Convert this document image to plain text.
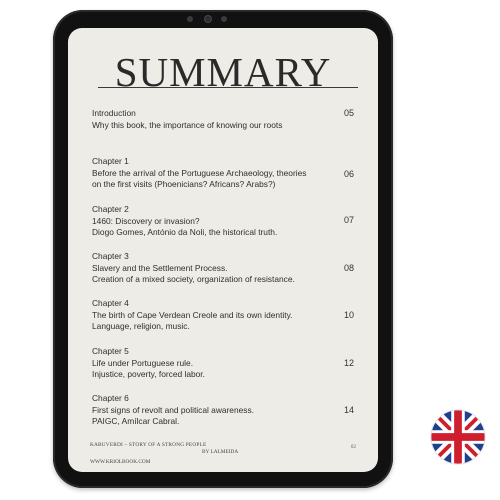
SUMMARY
Introduction
Why this book, the importance of knowing our roots
05
Chapter 1
Before the arrival of the Portuguese Archaeology, theories
on the first visits (Phoenicians? Africans? Arabs?)
06
Chapter 2
1460: Discovery or invasion?
Diogo Gomes, António da Noli, the historical truth.
07
Chapter 3
Slavery and the Settlement Process.
Creation of a mixed society, organization of resistance.
08
Chapter 4
The birth of Cape Verdean Creole and its own identity.
Language, religion, music.
10
Chapter 5
Life under Portuguese rule.
Injustice, poverty, forced labor.
12
Chapter 6
First signs of revolt and political awareness.
PAIGC, Amílcar Cabral.
14
KABUVERDI – STORY OF A STRONG PEOPLE
BY LALMEIDA
WWW.KRIOLBOOK.COM
02
